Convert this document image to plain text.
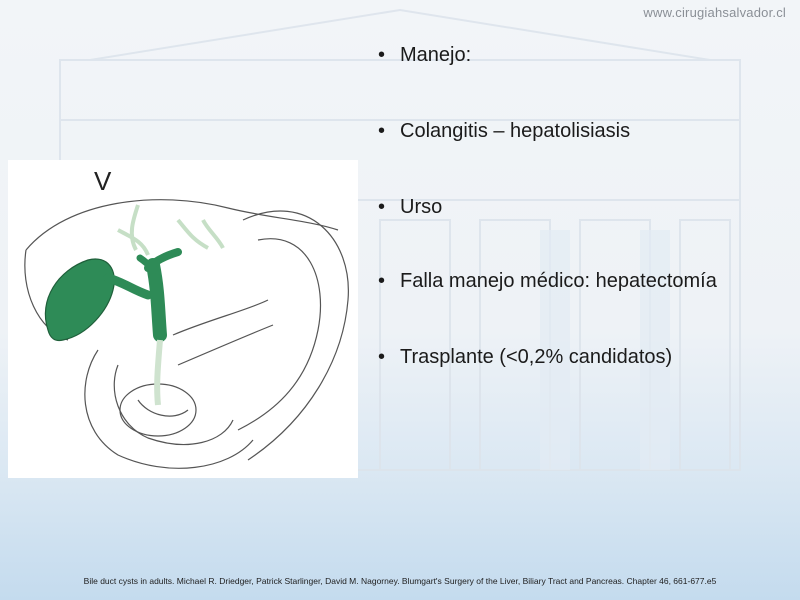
www.cirugiahsalvador.cl
• Manejo:
• Colangitis – hepatolisiasis
• Urso
• Falla manejo médico: hepatectomía
• Trasplante (<0,2% candidatos)
V
Bile duct cysts in adults. Michael R. Driedger, Patrick Starlinger, David M. Nagorney. Blumgart's Surgery of the Liver, Biliary Tract and Pancreas. Chapter 46, 661-677.e5
